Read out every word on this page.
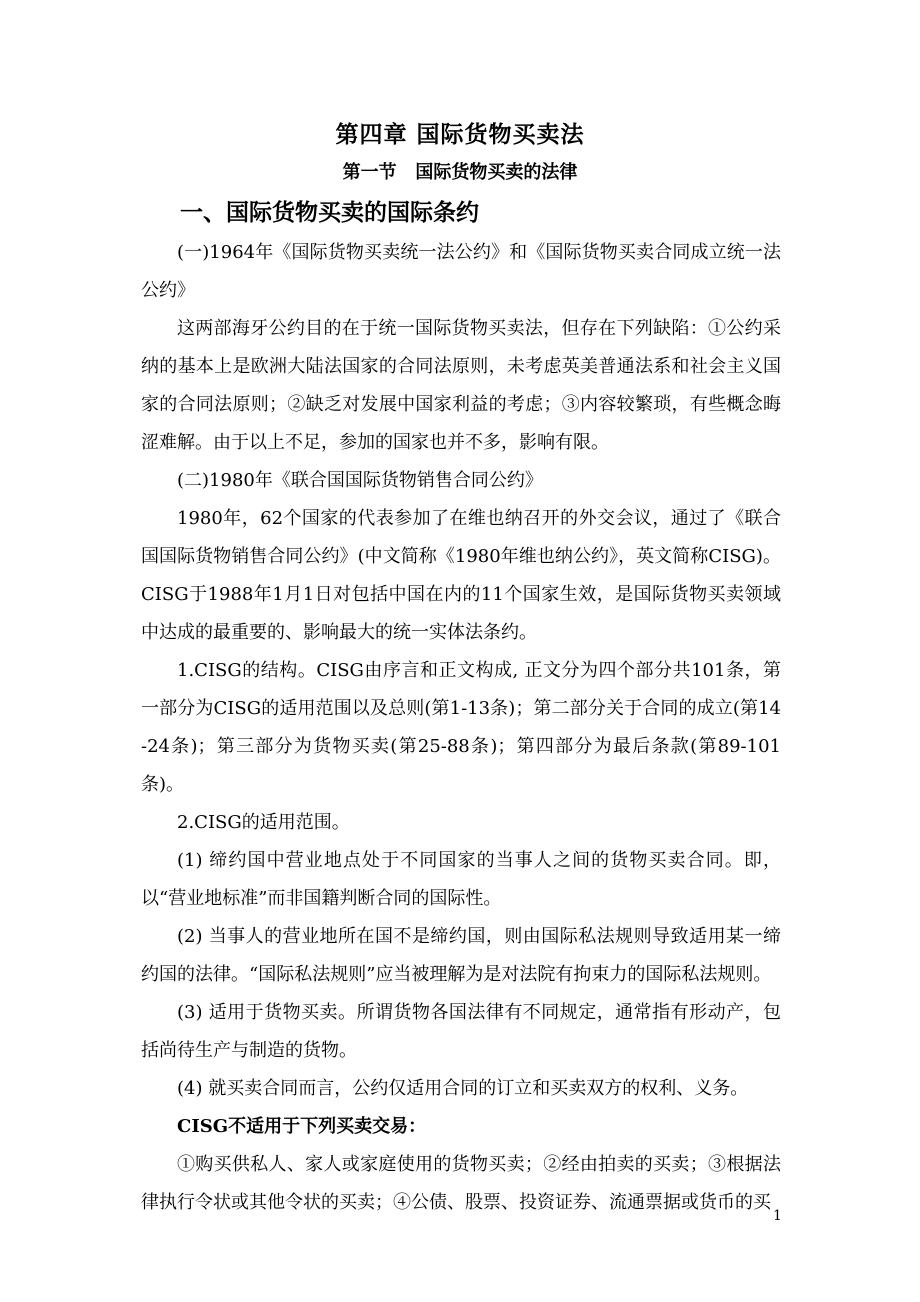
第四章 国际货物买卖法
第一节   国际货物买卖的法律
一、国际货物买卖的国际条约

(一)1964年《国际货物买卖统一法公约》和《国际货物买卖合同成立统一法公约》

这两部海牙公约目的在于统一国际货物买卖法，但存在下列缺陷：①公约采纳的基本上是欧洲大陆法国家的合同法原则，未考虑英美普通法系和社会主义国家的合同法原则；②缺乏对发展中国家利益的考虑；③内容较繁琐，有些概念晦涩难解。由于以上不足，参加的国家也并不多，影响有限。

(二)1980年《联合国国际货物销售合同公约》

1980年，62个国家的代表参加了在维也纳召开的外交会议，通过了《联合国国际货物销售合同公约》(中文简称《1980年维也纳公约》，英文简称CISG)。CISG于1988年1月1日对包括中国在内的11个国家生效，是国际货物买卖领域中达成的最重要的、影响最大的统一实体法条约。

1.CISG的结构。CISG由序言和正文构成, 正文分为四个部分共101条，第一部分为CISG的适用范围以及总则(第1-13条)；第二部分关于合同的成立(第14-24条)；第三部分为货物买卖(第25-88条)；第四部分为最后条款(第89-101条)。

2.CISG的适用范围。

(1) 缔约国中营业地点处于不同国家的当事人之间的货物买卖合同。即，以“营业地标准”而非国籍判断合同的国际性。

(2) 当事人的营业地所在国不是缔约国，则由国际私法规则导致适用某一缔约国的法律。“国际私法规则”应当被理解为是对法院有拘束力的国际私法规则。

(3) 适用于货物买卖。所谓货物各国法律有不同规定，通常指有形动产，包括尚待生产与制造的货物。

(4) 就买卖合同而言，公约仅适用合同的订立和买卖双方的权利、义务。

CISG不适用于下列买卖交易：

①购买供私人、家人或家庭使用的货物买卖；②经由拍卖的买卖；③根据法律执行令状或其他令状的买卖；④公债、股票、投资证券、流通票据或货币的买

1
